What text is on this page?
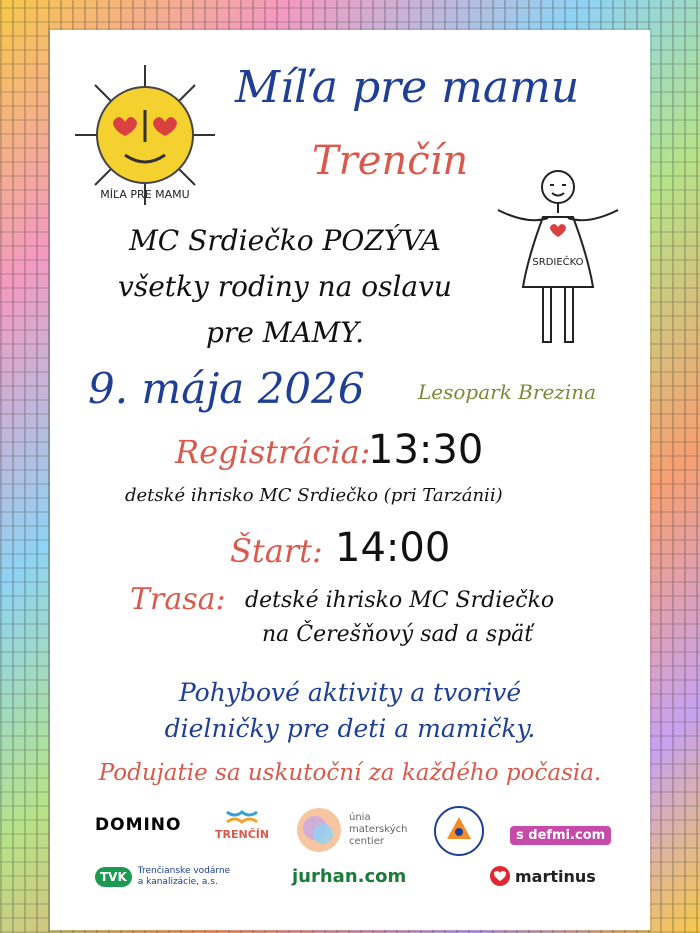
MÍĽA PRE MAMU
Míľa pre mamu
Trenčín
SRDIEČKO
MC Srdiečko POZÝVA
všetky rodiny na oslavu
pre MAMY.
9. mája 2026	Lesopark Brezina
Registrácia:
13:30
detské ihrisko MC Srdiečko (pri Tarzánii)
Štart: 14:00
Trasa: detské ihrisko MC Srdiečko
na Čerešňový sad a späť
Pohybové aktivity a tvorivé
dielničky pre deti a mamičky.
Podujatie sa uskutoční za každého počasia.
DOMINO	TRENČÍN
únia
materských
centier	s defmi.com
TVK	Trenčianske vodárne
a kanalizácie, a.s.	jurhan.com	martinus
